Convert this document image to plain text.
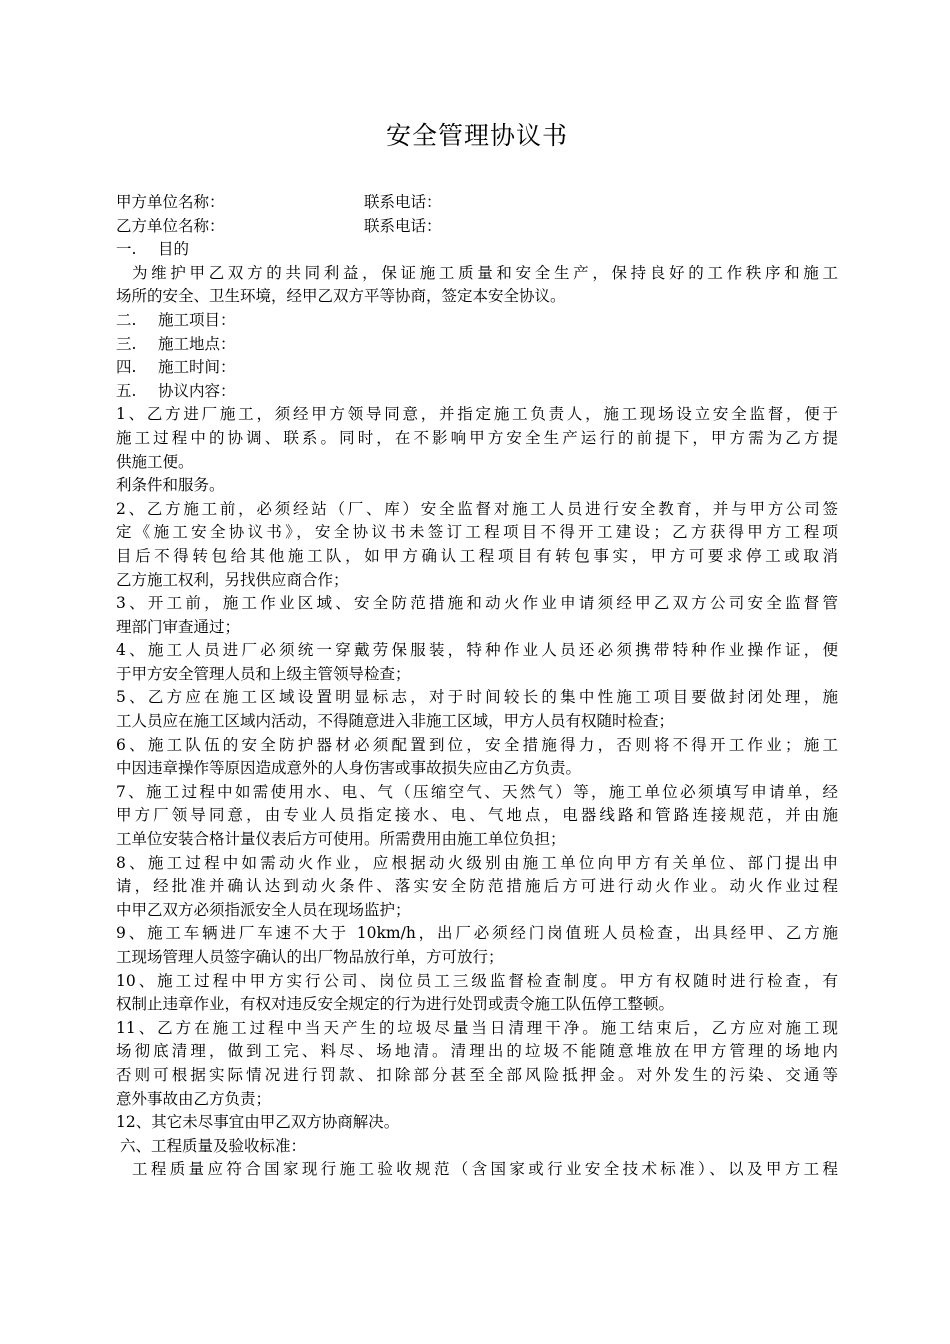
安全管理协议书
甲方单位名称：	联系电话：
乙方单位名称：	联系电话：
一. 目的
为维护甲乙双方的共同利益，保证施工质量和安全生产，保持良好的工作秩序和施工
场所的安全、卫生环境，经甲乙双方平等协商，签定本安全协议。
二. 施工项目：
三. 施工地点：
四. 施工时间：
五. 协议内容：
1、乙方进厂施工，须经甲方领导同意，并指定施工负责人，施工现场设立安全监督，便于
施工过程中的协调、联系。同时，在不影响甲方安全生产运行的前提下，甲方需为乙方提
供施工便。
利条件和服务。
2、乙方施工前，必须经站（厂、库）安全监督对施工人员进行安全教育，并与甲方公司签
定《施工安全协议书》，安全协议书未签订工程项目不得开工建设；乙方获得甲方工程项
目后不得转包给其他施工队，如甲方确认工程项目有转包事实，甲方可要求停工或取消
乙方施工权利，另找供应商合作；
3、开工前，施工作业区域、安全防范措施和动火作业申请须经甲乙双方公司安全监督管
理部门审查通过；
4、施工人员进厂必须统一穿戴劳保服装，特种作业人员还必须携带特种作业操作证，便
于甲方安全管理人员和上级主管领导检查；
5、乙方应在施工区域设置明显标志，对于时间较长的集中性施工项目要做封闭处理，施
工人员应在施工区域内活动，不得随意进入非施工区域，甲方人员有权随时检查；
6、施工队伍的安全防护器材必须配置到位，安全措施得力，否则将不得开工作业；施工
中因违章操作等原因造成意外的人身伤害或事故损失应由乙方负责。
7、施工过程中如需使用水、电、气（压缩空气、天然气）等，施工单位必须填写申请单，经
甲方厂领导同意，由专业人员指定接水、电、气地点，电器线路和管路连接规范，并由施
工单位安装合格计量仪表后方可使用。所需费用由施工单位负担；
8、施工过程中如需动火作业，应根据动火级别由施工单位向甲方有关单位、部门提出申
请，经批准并确认达到动火条件、落实安全防范措施后方可进行动火作业。动火作业过程
中甲乙双方必须指派安全人员在现场监护；
9、施工车辆进厂车速不大于 10km/h，出厂必须经门岗值班人员检查，出具经甲、乙方施
工现场管理人员签字确认的出厂物品放行单，方可放行；
10、施工过程中甲方实行公司、岗位员工三级监督检查制度。甲方有权随时进行检查，有
权制止违章作业，有权对违反安全规定的行为进行处罚或责令施工队伍停工整顿。
11、乙方在施工过程中当天产生的垃圾尽量当日清理干净。施工结束后，乙方应对施工现
场彻底清理，做到工完、料尽、场地清。清理出的垃圾不能随意堆放在甲方管理的场地内
否则可根据实际情况进行罚款、扣除部分甚至全部风险抵押金。对外发生的污染、交通等
意外事故由乙方负责；
12、其它未尽事宜由甲乙双方协商解决。
六、工程质量及验收标准：
工程质量应符合国家现行施工验收规范（含国家或行业安全技术标准）、以及甲方工程
